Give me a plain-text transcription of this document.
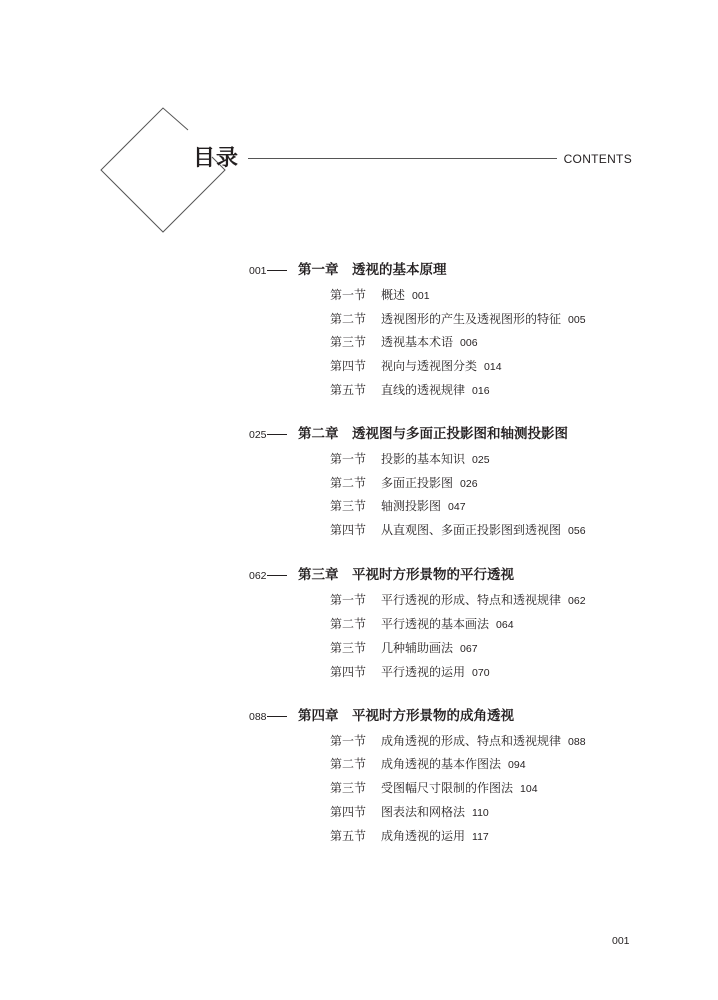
目录	CONTENTS
001 第一章 透视的基本原理
第一节 概述 001
第二节 透视图形的产生及透视图形的特征 005
第三节 透视基本术语 006
第四节 视向与透视图分类 014
第五节 直线的透视规律 016
025 第二章 透视图与多面正投影图和轴测投影图
第一节 投影的基本知识 025
第二节 多面正投影图 026
第三节 轴测投影图 047
第四节 从直观图、多面正投影图到透视图 056
062 第三章 平视时方形景物的平行透视
第一节 平行透视的形成、特点和透视规律 062
第二节 平行透视的基本画法 064
第三节 几种辅助画法 067
第四节 平行透视的运用 070
088 第四章 平视时方形景物的成角透视
第一节 成角透视的形成、特点和透视规律 088
第二节 成角透视的基本作图法 094
第三节 受图幅尺寸限制的作图法 104
第四节 图表法和网格法 110
第五节 成角透视的运用 117
001
